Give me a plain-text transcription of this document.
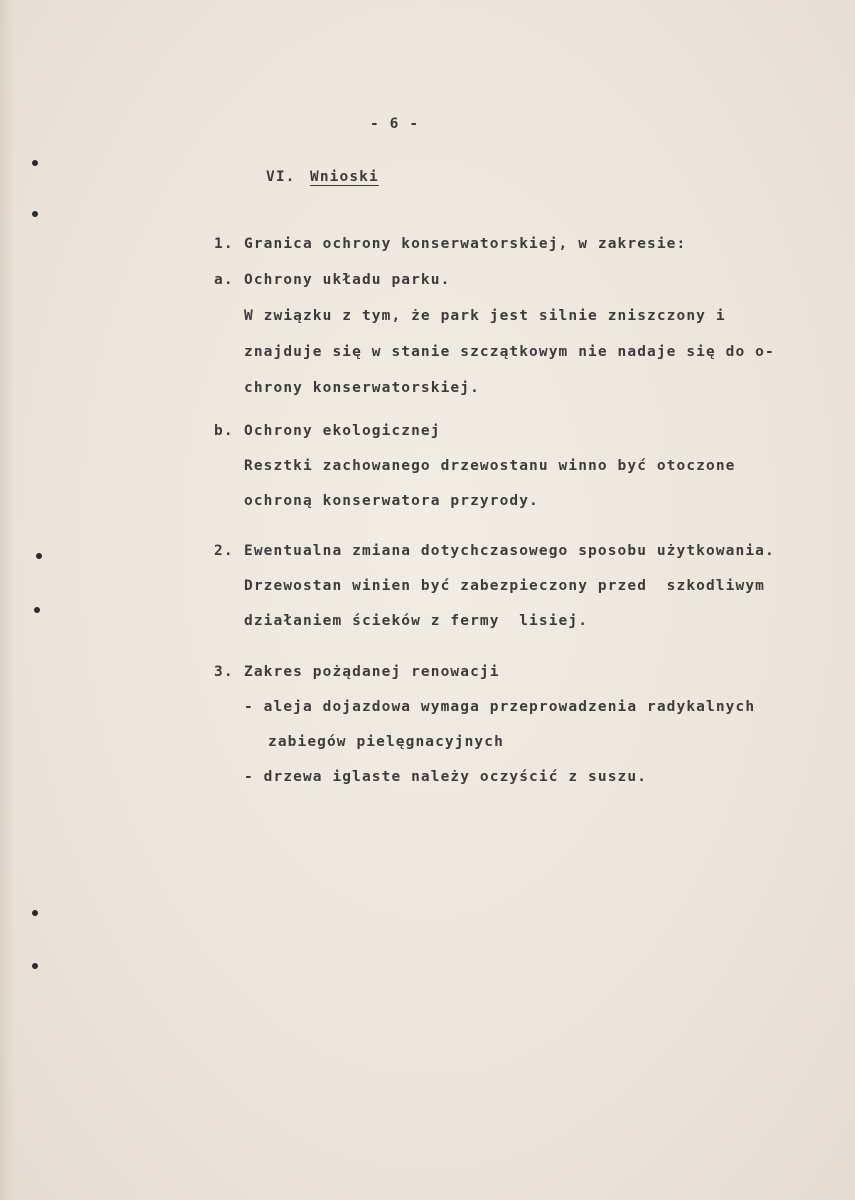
- 6 -
VI. Wnioski
1. Granica ochrony konserwatorskiej, w zakresie:
a. Ochrony układu parku.
W związku z tym, że park jest silnie zniszczony i
znajduje się w stanie szczątkowym nie nadaje się do o-
chrony konserwatorskiej.
b. Ochrony ekologicznej
Resztki zachowanego drzewostanu winno być otoczone
ochroną konserwatora przyrody.
2. Ewentualna zmiana dotychczasowego sposobu użytkowania.
Drzewostan winien być zabezpieczony przed  szkodliwym
działaniem ścieków z fermy  lisiej.
3. Zakres pożądanej renowacji
- aleja dojazdowa wymaga przeprowadzenia radykalnych
zabiegów pielęgnacyjnych
- drzewa iglaste należy oczyścić z suszu.
